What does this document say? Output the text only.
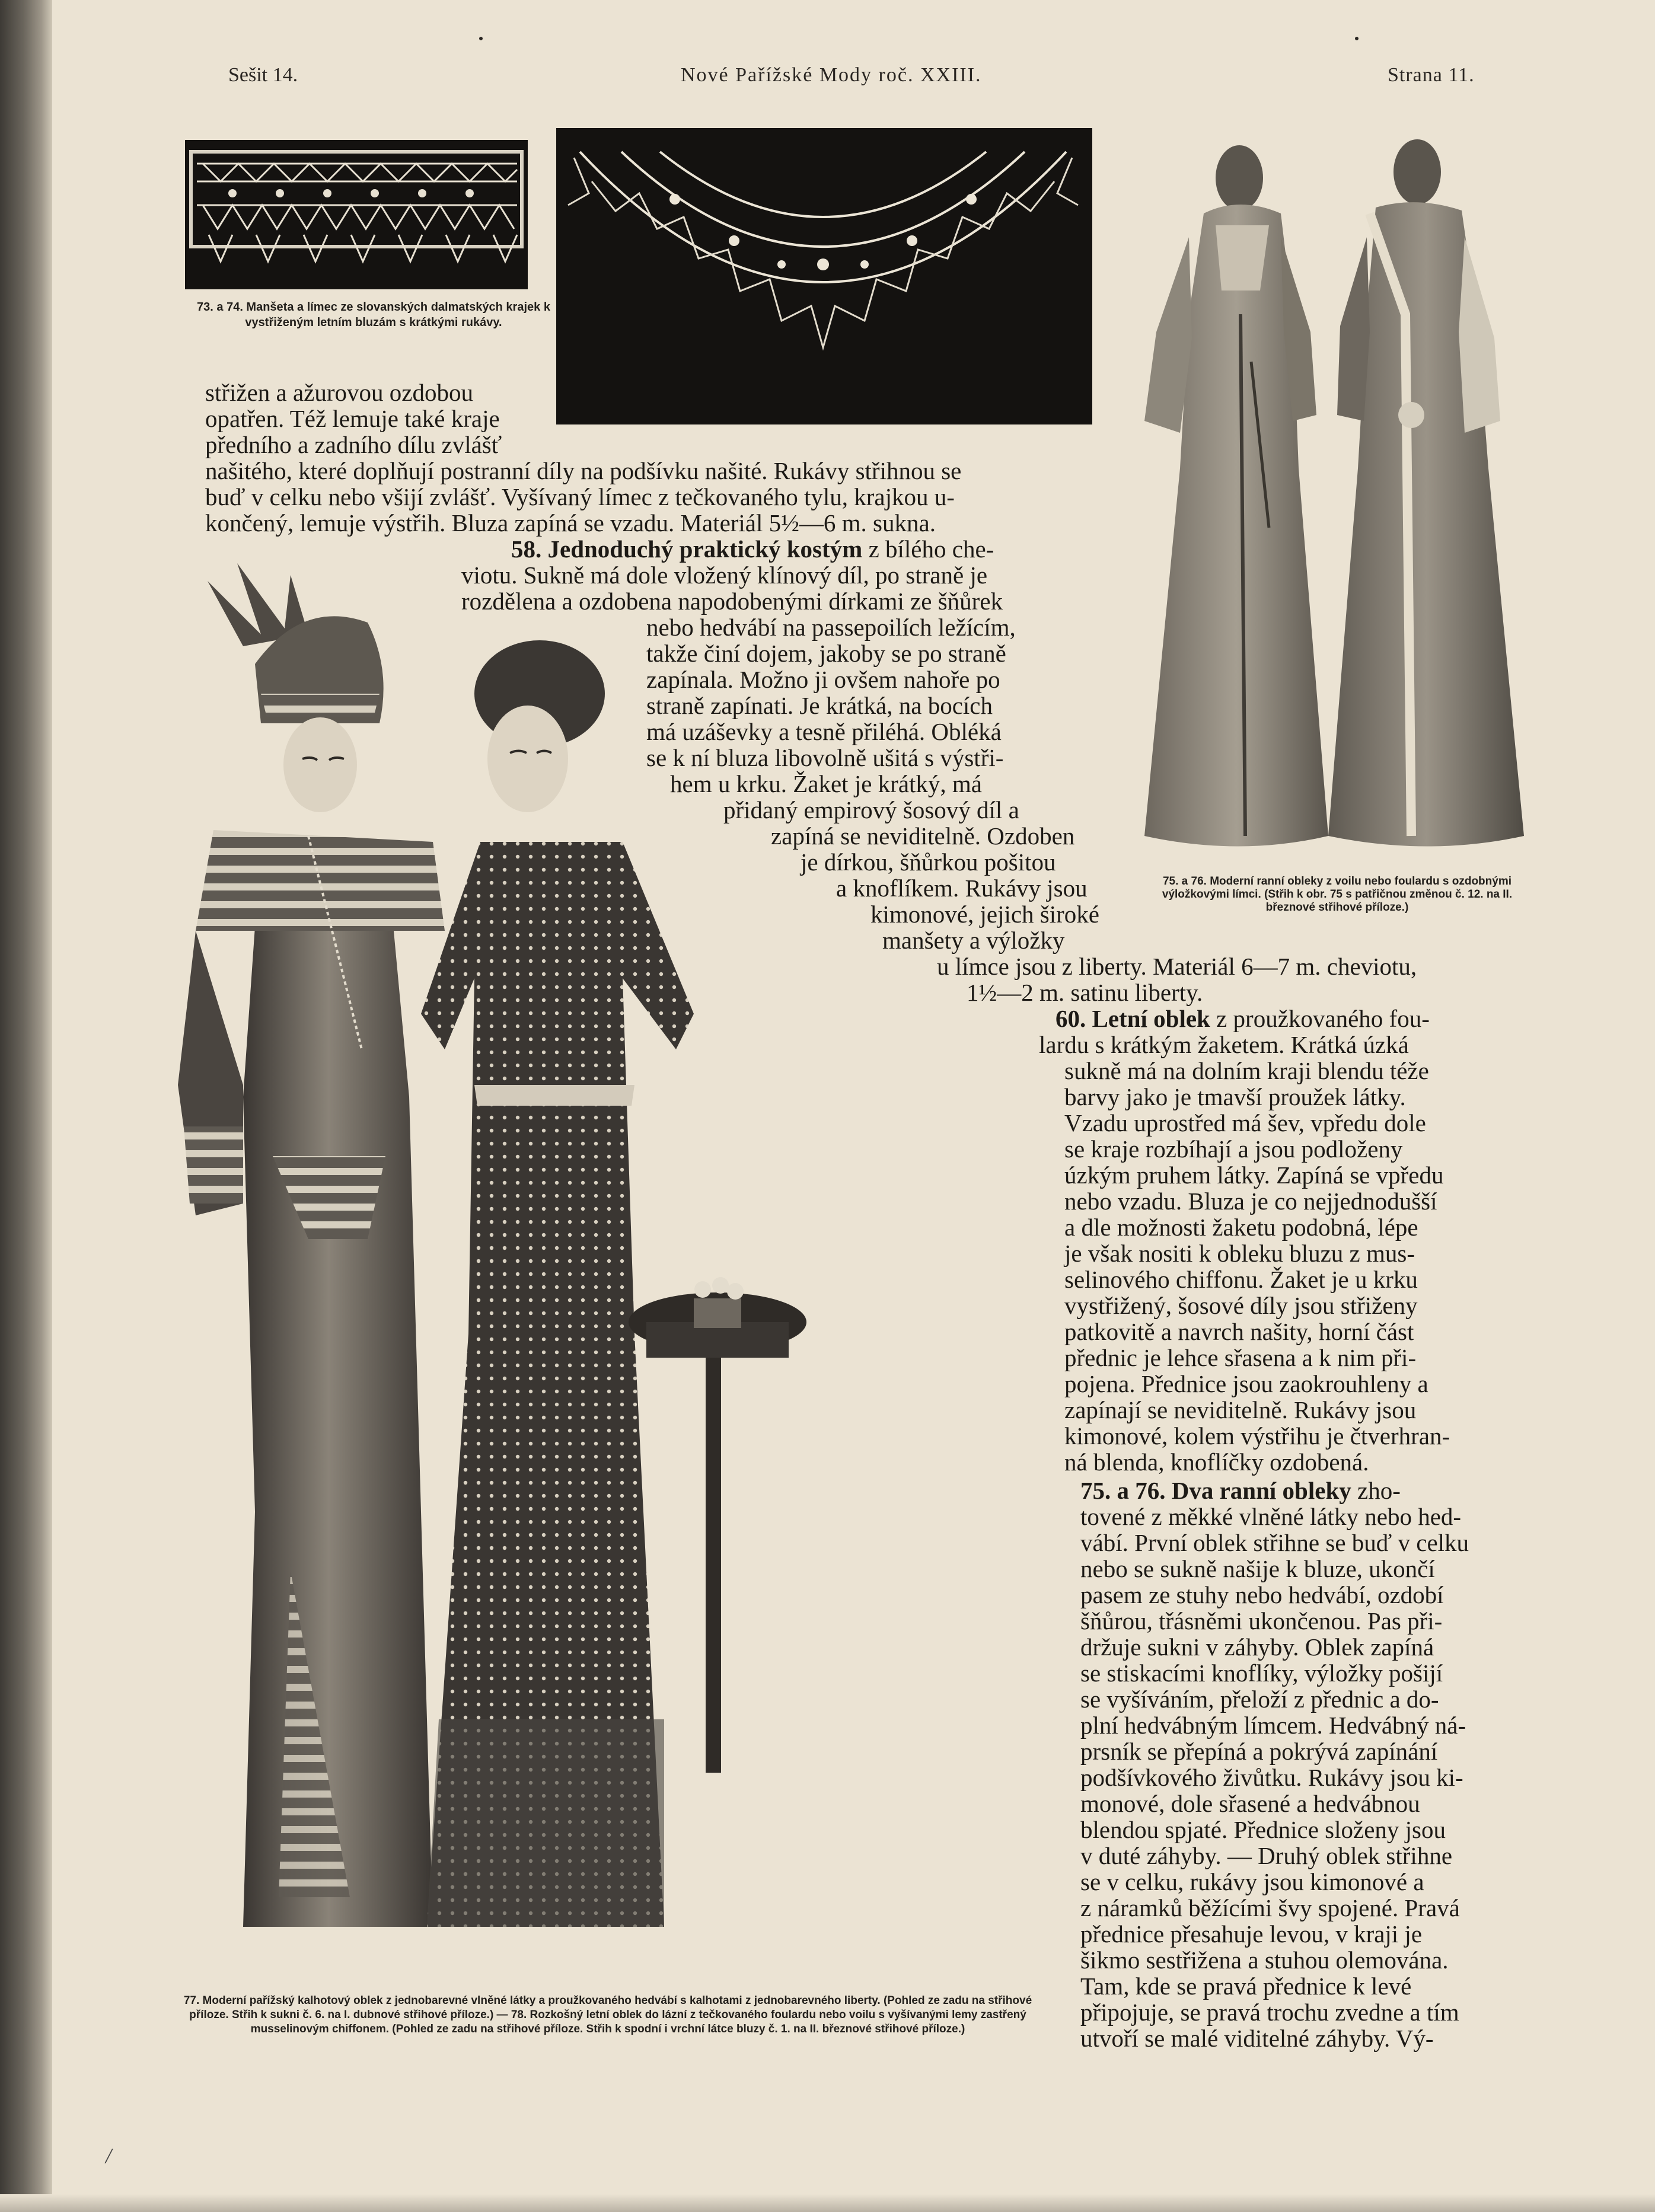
Sešit 14.	Nové Pařížské Mody roč. XXIII.	Strana 11.
73. a 74. Manšeta a límec ze slovanských dalmatských krajek k vystřiženým letním bluzám s krátkými rukávy.
75. a 76. Moderní ranní obleky z voilu nebo foulardu s ozdobnými výložkovými límci. (Střih k obr. 75 s patřičnou změnou č. 12. na II. březnové střihové příloze.)
77. Moderní pařížský kalhotový oblek z jednobarevné vlněné látky a proužkovaného hedvábí s kalhotami z jednobarevného liberty. (Pohled ze zadu na střihové příloze. Střih k sukni č. 6. na I. dubnové střihové příloze.) — 78. Rozkošný letní oblek do lázní z tečkovaného foulardu nebo voilu s vyšívanými lemy zastřený musselinovým chiffonem. (Pohled ze zadu na střihové příloze. Střih k spodní i vrchní látce bluzy č. 1. na II. březnové střihové příloze.)
střižen a ažurovou ozdobou
opatřen. Též lemuje také kraje
předního a zadního dílu zvlášť
našitého, které doplňují postranní díly na podšívku našité. Rukávy střihnou se
buď v celku nebo všijí zvlášť. Vyšívaný límec z tečkovaného tylu, krajkou u-
končený, lemuje výstřih. Bluza zapíná se vzadu. Materiál 5½—6 m. sukna.
58. Jednoduchý praktický kostým z bílého che-
viotu. Sukně má dole vložený klínový díl, po straně je
rozdělena a ozdobena napodobenými dírkami ze šňůrek
nebo hedvábí na passepoilích ležícím,
takže činí dojem, jakoby se po straně
zapínala. Možno ji ovšem nahoře po
straně zapínati. Je krátká, na bocích
má uzáševky a tesně přiléhá. Obléká
se k ní bluza libovolně ušitá s výstři-
hem u krku. Žaket je krátký, má
přidaný empirový šosový díl a
zapíná se neviditelně. Ozdoben
je dírkou, šňůrkou pošitou
a knoflíkem. Rukávy jsou
kimonové, jejich široké
manšety a výložky
u límce jsou z liberty. Materiál 6—7 m. cheviotu,
1½—2 m. satinu liberty.
60. Letní oblek z proužkovaného fou-
lardu s krátkým žaketem. Krátká úzká
sukně má na dolním kraji blendu téže
barvy jako je tmavší proužek látky.
Vzadu uprostřed má šev, vpředu dole
se kraje rozbíhají a jsou podloženy
úzkým pruhem látky. Zapíná se vpředu
nebo vzadu. Bluza je co nejjednodušší
a dle možnosti žaketu podobná, lépe
je však nositi k obleku bluzu z mus-
selinového chiffonu. Žaket je u krku
vystřižený, šosové díly jsou střiženy
patkovitě a navrch našity, horní část
přednic je lehce sřasena a k nim při-
pojena. Přednice jsou zaokrouhleny a
zapínají se neviditelně. Rukávy jsou
kimonové, kolem výstřihu je čtverhran-
ná blenda, knoflíčky ozdobená.
75. a 76. Dva ranní obleky zho-
tovené z měkké vlněné látky nebo hed-
vábí. První oblek střihne se buď v celku
nebo se sukně našije k bluze, ukončí
pasem ze stuhy nebo hedvábí, ozdobí
šňůrou, třásněmi ukončenou. Pas při-
držuje sukni v záhyby. Oblek zapíná
se stiskacími knoflíky, výložky pošijí
se vyšíváním, přeloží z přednic a do-
plní hedvábným límcem. Hedvábný ná-
prsník se přepíná a pokrývá zapínání
podšívkového živůtku. Rukávy jsou ki-
monové, dole sřasené a hedvábnou
blendou spjaté. Přednice složeny jsou
v duté záhyby. — Druhý oblek střihne
se v celku, rukávy jsou kimonové a
z náramků běžícími švy spojené. Pravá
přednice přesahuje levou, v kraji je
šikmo sestřižena a stuhou olemována.
Tam, kde se pravá přednice k levé
připojuje, se pravá trochu zvedne a tím
utvoří se malé viditelné záhyby. Vý-
/
